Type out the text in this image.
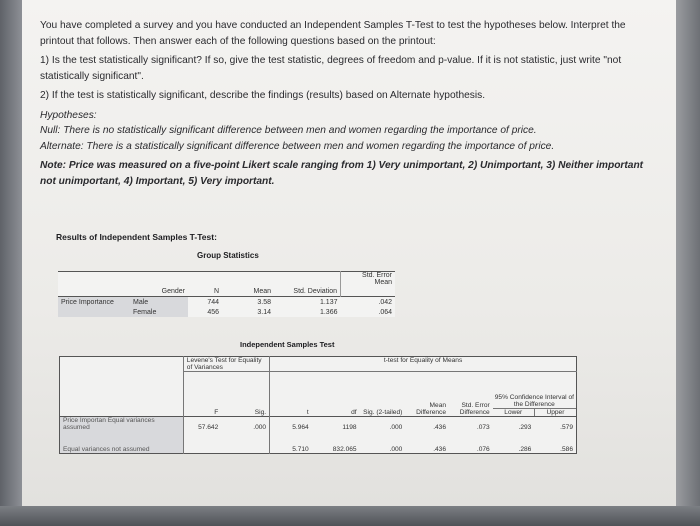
You have completed a survey and you have conducted an Independent Samples T-Test to test the hypotheses below. Interpret the printout that follows. Then answer each of the following questions based on the printout:

1) Is the test statistically significant? If so, give the test statistic, degrees of freedom and p-value. If it is not statistic, just write "not statistically significant".

2) If the test is statistically significant, describe the findings (results) based on Alternate hypothesis.

Hypotheses:

Null: There is no statistically significant difference between men and women regarding the importance of price.

Alternate: There is a statistically significant difference between men and women regarding the importance of price.

Note: Price was measured on a five-point Likert scale ranging from 1) Very unimportant, 2) Unimportant, 3) Neither important not unimportant, 4) Important, 5) Very important.

Results of Independent Samples T-Test:
Group Statistics
					Std. Error Mean
	Gender	N	Mean	Std. Deviation	
Price Importance	Male	744	3.58	1.137	.042
	Female	456	3.14	1.366	.064
Independent Samples Test
	Levene's Test for Equality of Variances		t-test for Equality of Means						
	F	Sig.	t	df	Sig. (2-tailed)	Mean Difference	Std. Error Difference	95% Confidence Interval of the Difference
Lower Upper	

Price Importan Equal variances assumed	57.642	.000	5.964	1198	.000	.436	.073	.293	.579
Equal variances not assumed			5.710	832.065	.000	.436	.076	.286	.586
